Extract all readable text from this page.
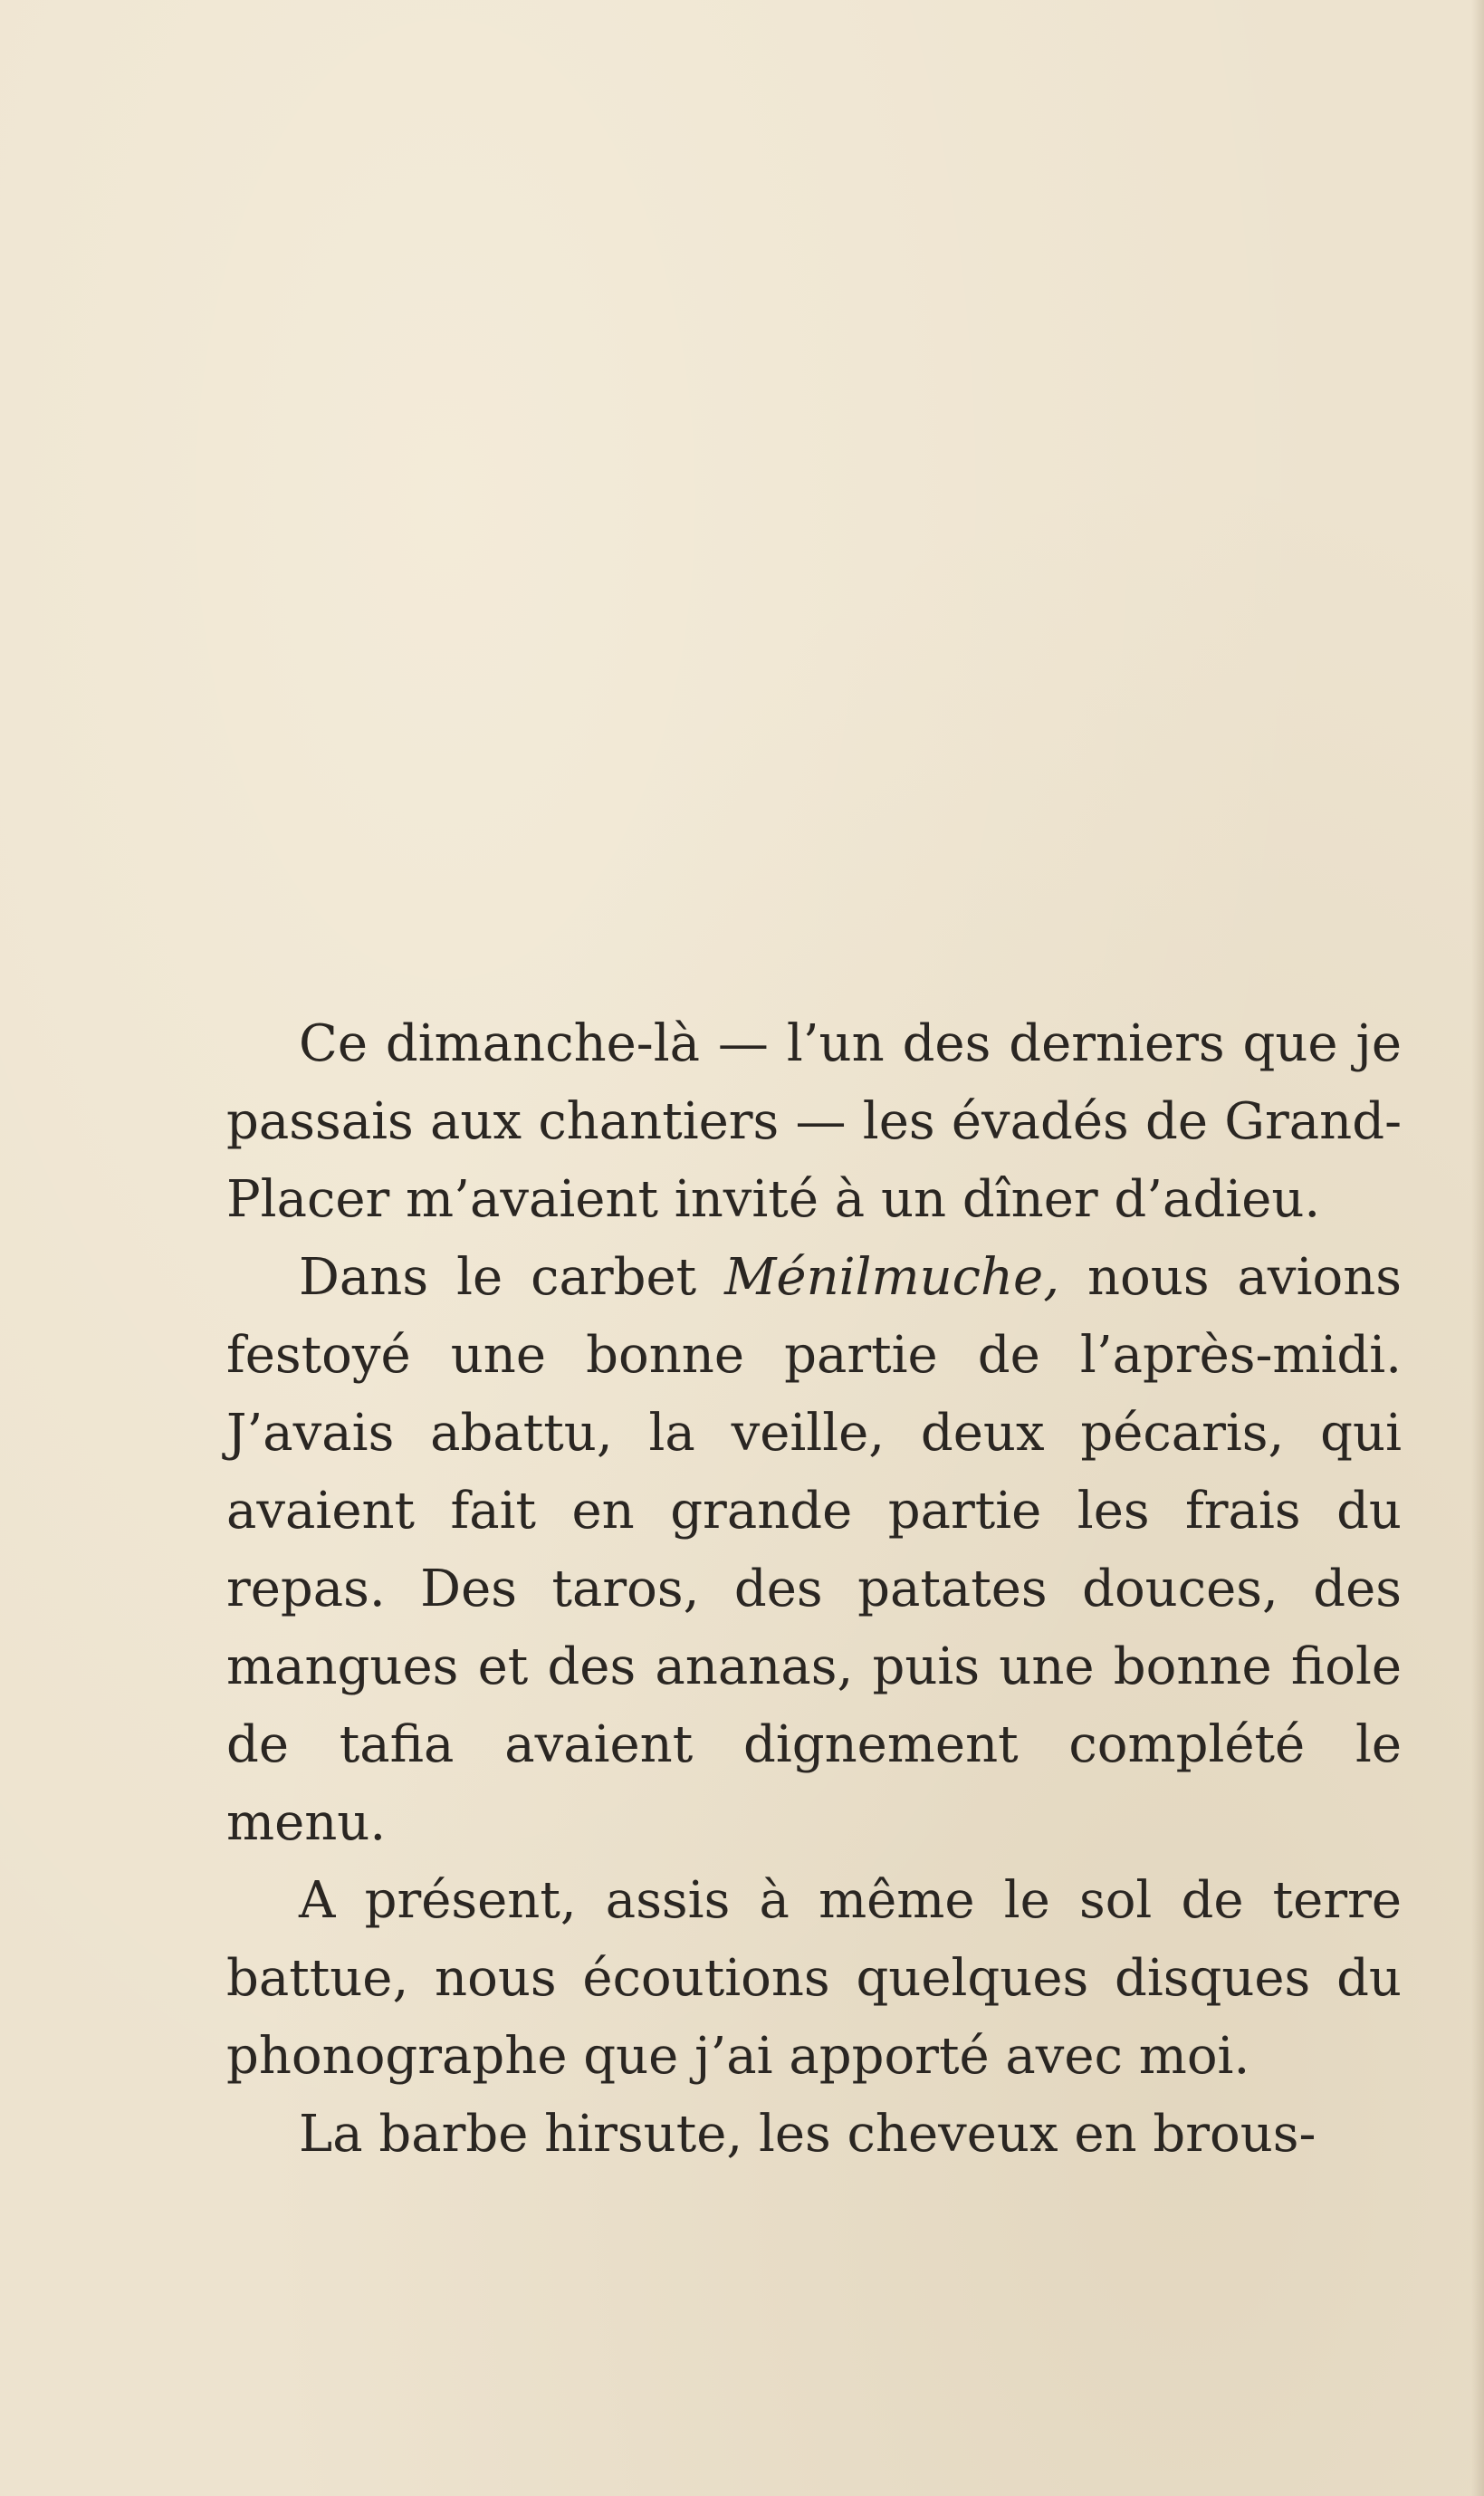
Ce dimanche-là — l’un des derniers que je passais aux chantiers — les évadés de Grand-Placer m’avaient invité à un dîner d’adieu.

Dans le carbet Ménilmuche, nous avions festoyé une bonne partie de l’après-midi. J’avais abattu, la veille, deux pécaris, qui avaient fait en grande partie les frais du repas. Des taros, des patates douces, des mangues et des ananas, puis une bonne fiole de tafia avaient dignement complété le menu.

A présent, assis à même le sol de terre battue, nous écoutions quelques disques du phonographe que j’ai apporté avec moi.

La barbe hirsute, les cheveux en brous-
